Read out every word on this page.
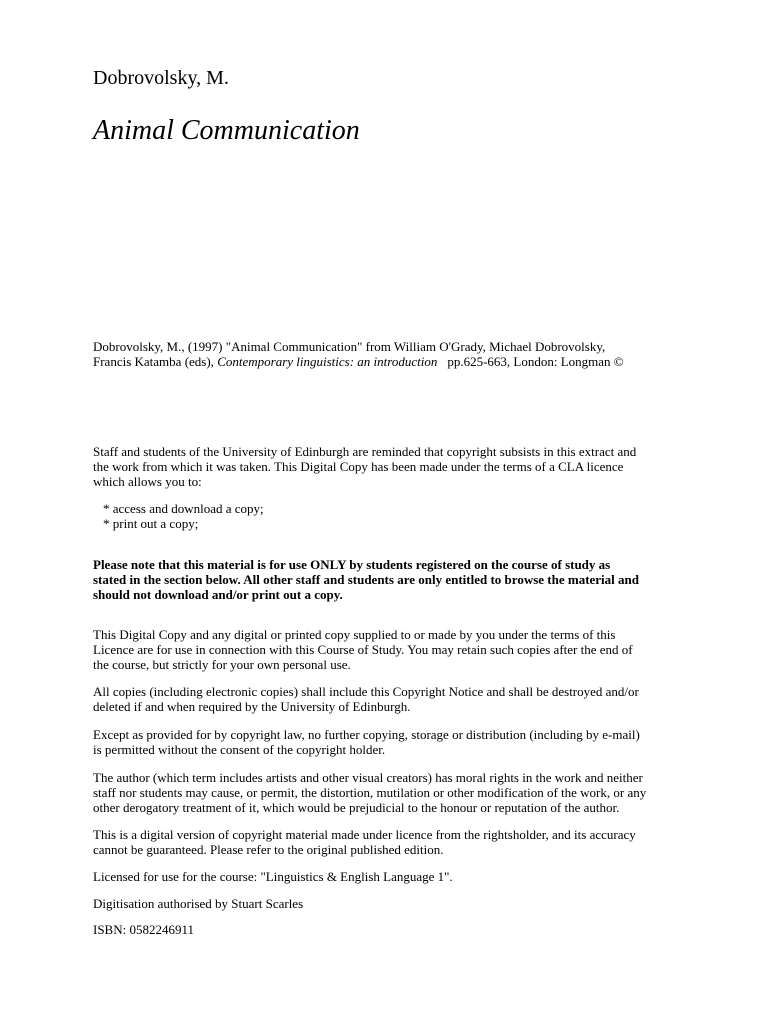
Dobrovolsky, M.
Animal Communication

Dobrovolsky, M., (1997) "Animal Communication" from William O'Grady, Michael Dobrovolsky,
Francis Katamba (eds), Contemporary linguistics: an introduction pp.625-663, London: Longman ©

Staff and students of the University of Edinburgh are reminded that copyright subsists in this extract and
the work from which it was taken. This Digital Copy has been made under the terms of a CLA licence
which allows you to:

* access and download a copy;
* print out a copy;

Please note that this material is for use ONLY by students registered on the course of study as
stated in the section below. All other staff and students are only entitled to browse the material and
should not download and/or print out a copy.

This Digital Copy and any digital or printed copy supplied to or made by you under the terms of this
Licence are for use in connection with this Course of Study. You may retain such copies after the end of
the course, but strictly for your own personal use.

All copies (including electronic copies) shall include this Copyright Notice and shall be destroyed and/or
deleted if and when required by the University of Edinburgh.

Except as provided for by copyright law, no further copying, storage or distribution (including by e-mail)
is permitted without the consent of the copyright holder.

The author (which term includes artists and other visual creators) has moral rights in the work and neither
staff nor students may cause, or permit, the distortion, mutilation or other modification of the work, or any
other derogatory treatment of it, which would be prejudicial to the honour or reputation of the author.

This is a digital version of copyright material made under licence from the rightsholder, and its accuracy
cannot be guaranteed. Please refer to the original published edition.

Licensed for use for the course: "Linguistics & English Language 1".

Digitisation authorised by Stuart Scarles

ISBN: 0582246911
